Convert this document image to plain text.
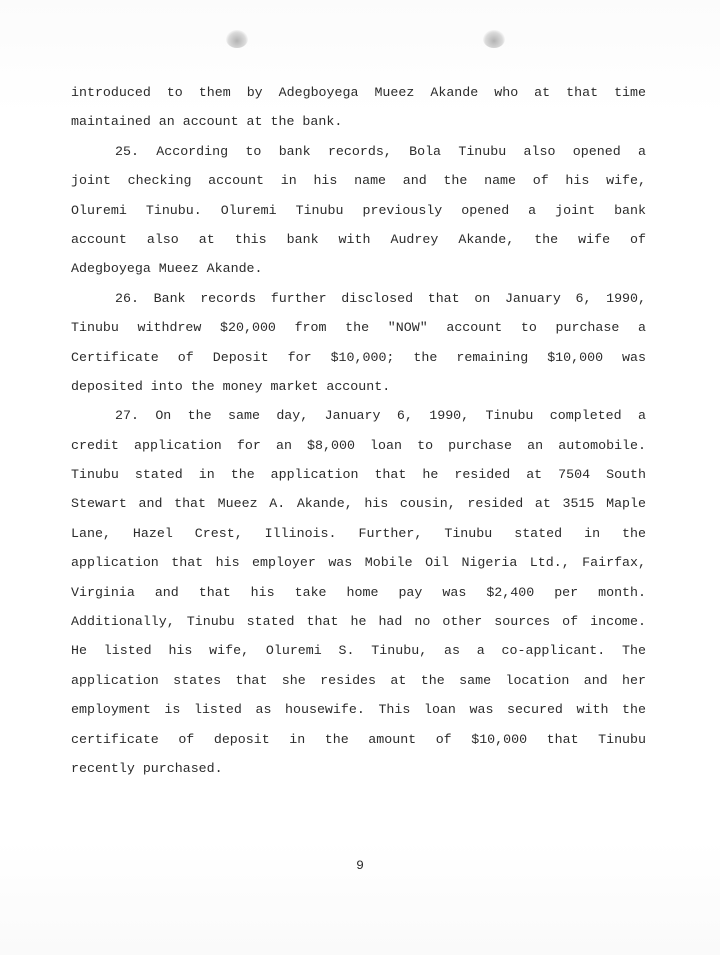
introduced to them by Adegboyega Mueez Akande who at that time
maintained an account at the bank.
25. According to bank records, Bola Tinubu also opened a
joint checking account in his name and the name of his wife,
Oluremi Tinubu. Oluremi Tinubu previously opened a joint bank
account also at this bank with Audrey Akande, the wife of
Adegboyega Mueez Akande.
26. Bank records further disclosed that on January 6, 1990,
Tinubu withdrew $20,000 from the "NOW" account to purchase a
Certificate of Deposit for $10,000; the remaining $10,000 was
deposited into the money market account.
27. On the same day, January 6, 1990, Tinubu completed a
credit application for an $8,000 loan to purchase an automobile.
Tinubu stated in the application that he resided at 7504 South
Stewart and that Mueez A. Akande, his cousin, resided at 3515 Maple
Lane, Hazel Crest, Illinois. Further, Tinubu stated in the
application that his employer was Mobile Oil Nigeria Ltd., Fairfax,
Virginia and that his take home pay was $2,400 per month.
Additionally, Tinubu stated that he had no other sources of income.
He listed his wife, Oluremi S. Tinubu, as a co-applicant. The
application states that she resides at the same location and her
employment is listed as housewife. This loan was secured with the
certificate of deposit in the amount of $10,000 that Tinubu
recently purchased.
9
